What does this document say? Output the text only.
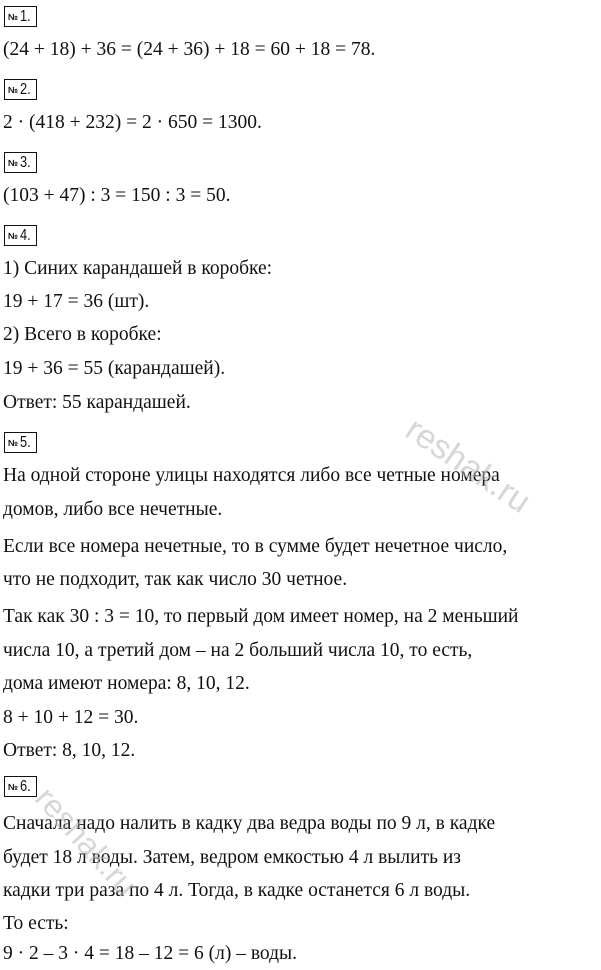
№ 1.
(24 + 18) + 36 = (24 + 36) + 18 = 60 + 18 = 78.
№ 2.
2 · (418 + 232) = 2 · 650 = 1300.
№ 3.
(103 + 47) : 3 = 150 : 3 = 50.
№ 4.
1) Синих карандашей в коробке:
19 + 17 = 36 (шт).
2) Всего в коробке:
19 + 36 = 55 (карандашей).
Ответ: 55 карандашей.
№ 5.
На одной стороне улицы находятся либо все четные номера
домов, либо все нечетные.
Если все номера нечетные, то в сумме будет нечетное число,
что не подходит, так как число 30 четное.
Так как 30 : 3 = 10, то первый дом имеет номер, на 2 меньший
числа 10, а третий дом – на 2 больший числа 10, то есть,
дома имеют номера: 8, 10, 12.
8 + 10 + 12 = 30.
Ответ: 8, 10, 12.
№ 6.
Сначала надо налить в кадку два ведра воды по 9 л, в кадке
будет 18 л воды. Затем, ведром емкостью 4 л вылить из
кадки три раза по 4 л. Тогда, в кадке останется 6 л воды.
То есть:
9 · 2 – 3 · 4 = 18 – 12 = 6 (л) – воды.
reshak.ru
reshak.ru
